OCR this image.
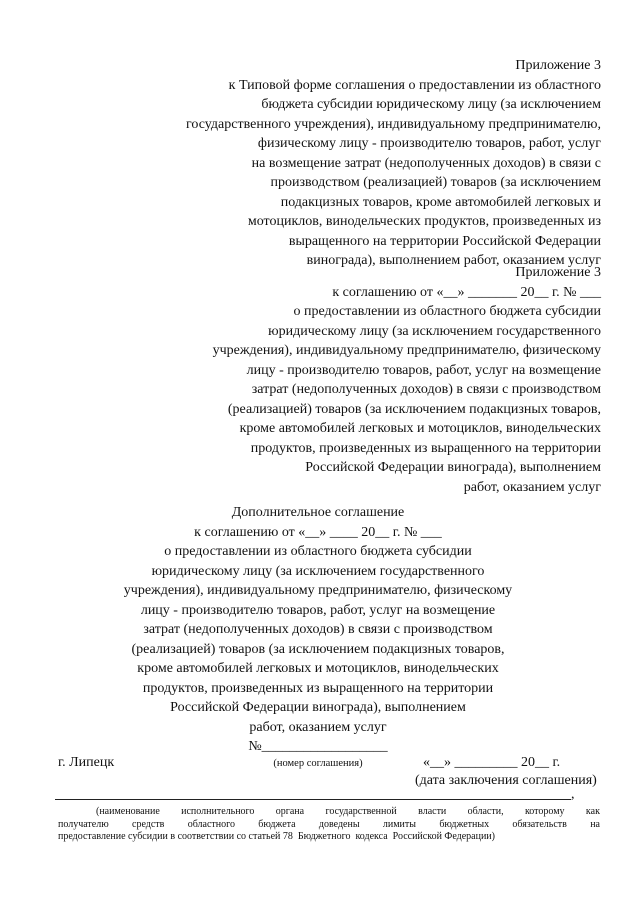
Приложение 3
к Типовой форме соглашения о предоставлении из областного
бюджета субсидии юридическому лицу (за исключением
государственного учреждения), индивидуальному предпринимателю,
физическому лицу - производителю товаров, работ, услуг
на возмещение затрат (недополученных доходов) в связи с
производством (реализацией) товаров (за исключением
подакцизных товаров, кроме автомобилей легковых и
мотоциклов, винодельческих продуктов, произведенных из
выращенного на территории Российской Федерации
винограда), выполнением работ, оказанием услуг
Приложение 3
к соглашению от «__» _______ 20__ г. № ___
о предоставлении из областного бюджета субсидии
юридическому лицу (за исключением государственного
учреждения), индивидуальному предпринимателю, физическому
лицу - производителю товаров, работ, услуг на возмещение
затрат (недополученных доходов) в связи с производством
(реализацией) товаров (за исключением подакцизных товаров,
кроме автомобилей легковых и мотоциклов, винодельческих
продуктов, произведенных из выращенного на территории
Российской Федерации винограда), выполнением
работ, оказанием услуг
Дополнительное соглашение
к соглашению от «__» ____ 20__ г. № ___
о предоставлении из областного бюджета субсидии
юридическому лицу (за исключением государственного
учреждения), индивидуальному предпринимателю, физическому
лицу - производителю товаров, работ, услуг на возмещение
затрат (недополученных доходов) в связи с производством
(реализацией) товаров (за исключением подакцизных товаров,
кроме автомобилей легковых и мотоциклов, винодельческих
продуктов, произведенных из выращенного на территории
Российской Федерации винограда), выполнением
работ, оказанием услуг
№__________________
(номер соглашения)
г. Липецк	«__» _________ 20__ г.
(дата заключения соглашения)
,
(наименование исполнительного органа государственной власти области, которому как
получателю средств областного бюджета доведены лимиты бюджетных обязательств на
предоставление субсидии в соответствии со статьей 78  Бюджетного  кодекса  Российской Федерации)
